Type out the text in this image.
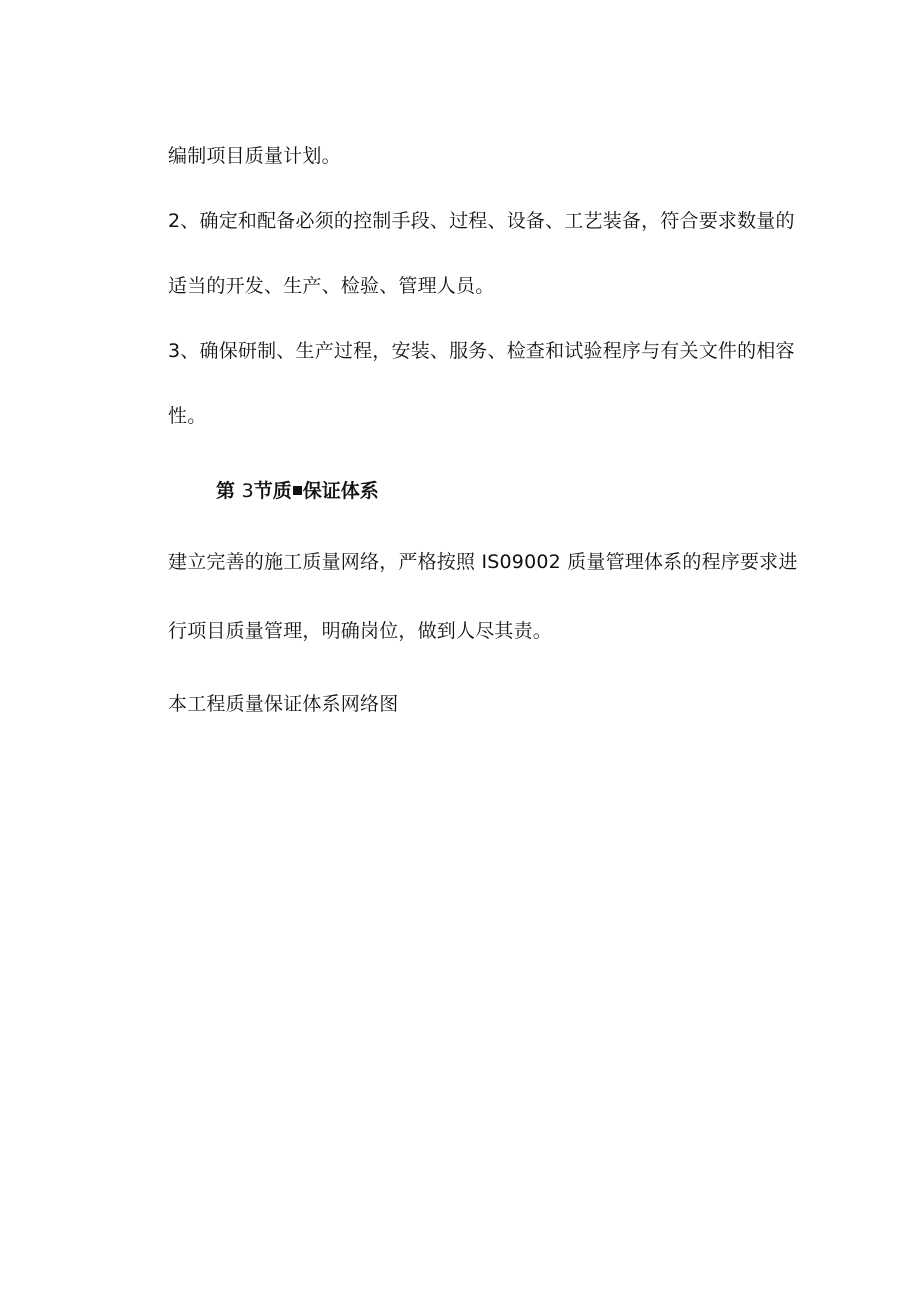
编制项目质量计划。
2、确定和配备必须的控制手段、过程、设备、工艺装备，符合要求数量的
适当的开发、生产、检验、管理人员。
3、确保研制、生产过程，安装、服务、检查和试验程序与有关文件的相容
性。
第 3节质 保证体系
建立完善的施工质量网络，严格按照 IS09002 质量管理体系的程序要求进
行项目质量管理，明确岗位，做到人尽其责。
本工程质量保证体系网络图
